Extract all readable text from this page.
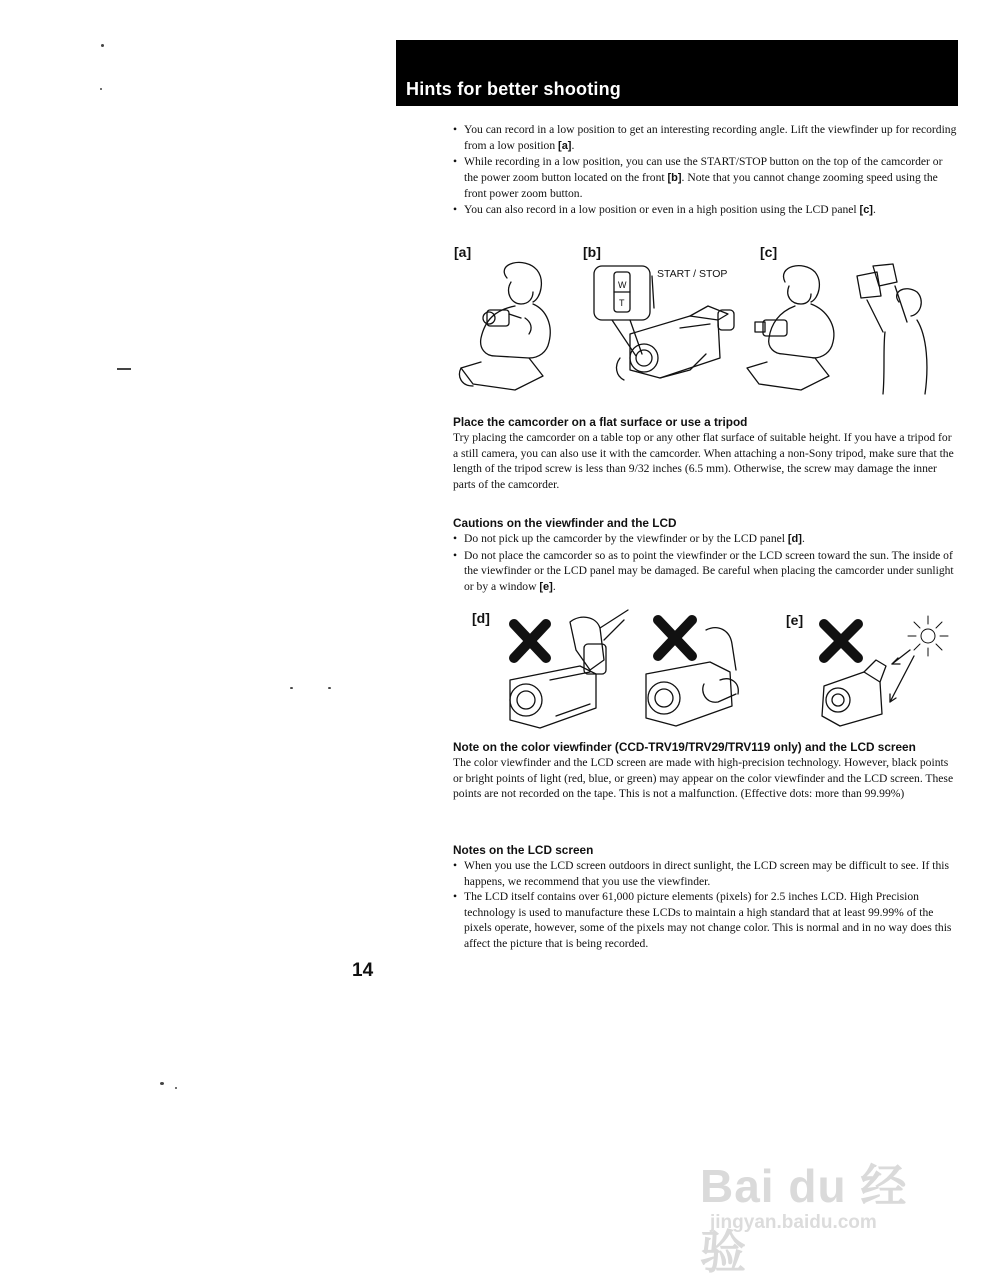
Hints for better shooting
• You can record in a low position to get an interesting recording angle. Lift the viewfinder up for recording from a low position [a].
• While recording in a low position, you can use the START/STOP button on the top of the camcorder or the power zoom button located on the front [b]. Note that you cannot change zooming speed using the front power zoom button.
• You can also record in a low position or even in a high position using the LCD panel [c].
[a]	[b]	[c]
START / STOP
W
T
Place the camcorder on a flat surface or use a tripod

Try placing the camcorder on a table top or any other flat surface of suitable height. If you have a tripod for a still camera, you can also use it with the camcorder. When attaching a non-Sony tripod, make sure that the length of the tripod screw is less than 9/32 inches (6.5 mm). Otherwise, the screw may damage the inner parts of the camcorder.

Cautions on the viewfinder and the LCD
• Do not pick up the camcorder by the viewfinder or by the LCD panel [d].
• Do not place the camcorder so as to point the viewfinder or the LCD screen toward the sun. The inside of the viewfinder or the LCD panel may be damaged. Be careful when placing the camcorder under sunlight or by a window [e].
[d]	[e]
Note on the color viewfinder (CCD-TRV19/TRV29/TRV119 only) and the LCD screen

The color viewfinder and the LCD screen are made with high-precision technology. However, black points or bright points of light (red, blue, or green) may appear on the color viewfinder and the LCD screen. These points are not recorded on the tape. This is not a malfunction. (Effective dots: more than 99.99%)

Notes on the LCD screen
• When you use the LCD screen outdoors in direct sunlight, the LCD screen may be difficult to see. If this happens, we recommend that you use the viewfinder.
• The LCD itself contains over 61,000 picture elements (pixels) for 2.5 inches LCD. High Precision technology is used to manufacture these LCDs to maintain a high standard that at least 99.99% of the pixels operate, however, some of the pixels may not change color. This is normal and in no way does this affect the picture that is being recorded.
14
Bai du 经验
jingyan.baidu.com
